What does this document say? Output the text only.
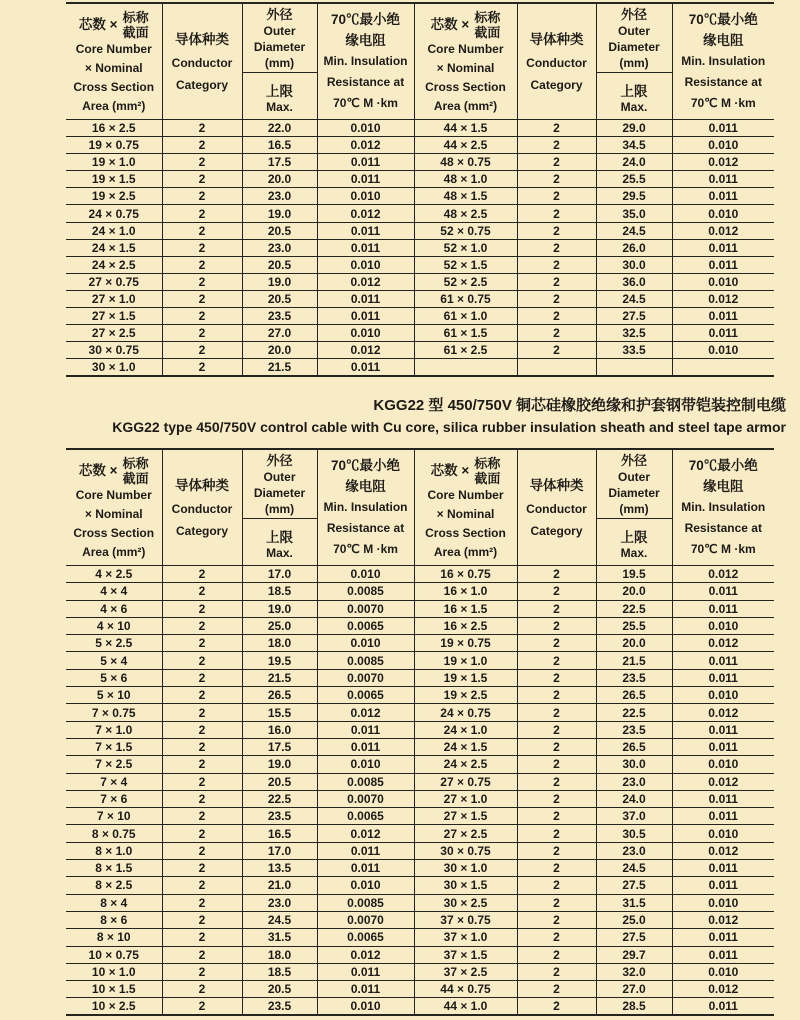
芯数 × 标称
截面
Core Number
× Nominal
Cross Section
Area (mm²)

导体种类
Conductor
Category

外径
Outer
Diameter
(mm)

70℃最小绝
缘电阻
Min. Insulation
Resistance at
70℃ M ·km

芯数 × 标称
截面
Core Number
× Nominal
Cross Section
Area (mm²)

导体种类
Conductor
Category

外径
Outer
Diameter
(mm)

70℃最小绝
缘电阻
Min. Insulation
Resistance at
70℃ M ·km

上限
Max.

上限
Max.

16 × 2.5	2	22.0	0.010	44 × 1.5	2	29.0	0.011
19 × 0.75	2	16.5	0.012	44 × 2.5	2	34.5	0.010
19 × 1.0	2	17.5	0.011	48 × 0.75	2	24.0	0.012
19 × 1.5	2	20.0	0.011	48 × 1.0	2	25.5	0.011
19 × 2.5	2	23.0	0.010	48 × 1.5	2	29.5	0.011
24 × 0.75	2	19.0	0.012	48 × 2.5	2	35.0	0.010
24 × 1.0	2	20.5	0.011	52 × 0.75	2	24.5	0.012
24 × 1.5	2	23.0	0.011	52 × 1.0	2	26.0	0.011
24 × 2.5	2	20.5	0.010	52 × 1.5	2	30.0	0.011
27 × 0.75	2	19.0	0.012	52 × 2.5	2	36.0	0.010
27 × 1.0	2	20.5	0.011	61 × 0.75	2	24.5	0.012
27 × 1.5	2	23.5	0.011	61 × 1.0	2	27.5	0.011
27 × 2.5	2	27.0	0.010	61 × 1.5	2	32.5	0.011
30 × 0.75	2	20.0	0.012	61 × 2.5	2	33.5	0.010
30 × 1.0	2	21.5	0.011				
KGG22 型 450/750V 铜芯硅橡胶绝缘和护套钢带铠装控制电缆
KGG22 type 450/750V control cable with Cu core, silica rubber insulation sheath and steel tape armor
芯数 × 标称
截面
Core Number
× Nominal
Cross Section
Area (mm²)

导体种类
Conductor
Category

外径
Outer
Diameter
(mm)

70℃最小绝
缘电阻
Min. Insulation
Resistance at
70℃ M ·km

芯数 × 标称
截面
Core Number
× Nominal
Cross Section
Area (mm²)

导体种类
Conductor
Category

外径
Outer
Diameter
(mm)

70℃最小绝
缘电阻
Min. Insulation
Resistance at
70℃ M ·km

上限
Max.

上限
Max.

4 × 2.5	2	17.0	0.010	16 × 0.75	2	19.5	0.012
4 × 4	2	18.5	0.0085	16 × 1.0	2	20.0	0.011
4 × 6	2	19.0	0.0070	16 × 1.5	2	22.5	0.011
4 × 10	2	25.0	0.0065	16 × 2.5	2	25.5	0.010
5 × 2.5	2	18.0	0.010	19 × 0.75	2	20.0	0.012
5 × 4	2	19.5	0.0085	19 × 1.0	2	21.5	0.011
5 × 6	2	21.5	0.0070	19 × 1.5	2	23.5	0.011
5 × 10	2	26.5	0.0065	19 × 2.5	2	26.5	0.010
7 × 0.75	2	15.5	0.012	24 × 0.75	2	22.5	0.012
7 × 1.0	2	16.0	0.011	24 × 1.0	2	23.5	0.011
7 × 1.5	2	17.5	0.011	24 × 1.5	2	26.5	0.011
7 × 2.5	2	19.0	0.010	24 × 2.5	2	30.0	0.010
7 × 4	2	20.5	0.0085	27 × 0.75	2	23.0	0.012
7 × 6	2	22.5	0.0070	27 × 1.0	2	24.0	0.011
7 × 10	2	23.5	0.0065	27 × 1.5	2	37.0	0.011
8 × 0.75	2	16.5	0.012	27 × 2.5	2	30.5	0.010
8 × 1.0	2	17.0	0.011	30 × 0.75	2	23.0	0.012
8 × 1.5	2	13.5	0.011	30 × 1.0	2	24.5	0.011
8 × 2.5	2	21.0	0.010	30 × 1.5	2	27.5	0.011
8 × 4	2	23.0	0.0085	30 × 2.5	2	31.5	0.010
8 × 6	2	24.5	0.0070	37 × 0.75	2	25.0	0.012
8 × 10	2	31.5	0.0065	37 × 1.0	2	27.5	0.011
10 × 0.75	2	18.0	0.012	37 × 1.5	2	29.7	0.011
10 × 1.0	2	18.5	0.011	37 × 2.5	2	32.0	0.010
10 × 1.5	2	20.5	0.011	44 × 0.75	2	27.0	0.012
10 × 2.5	2	23.5	0.010	44 × 1.0	2	28.5	0.011
